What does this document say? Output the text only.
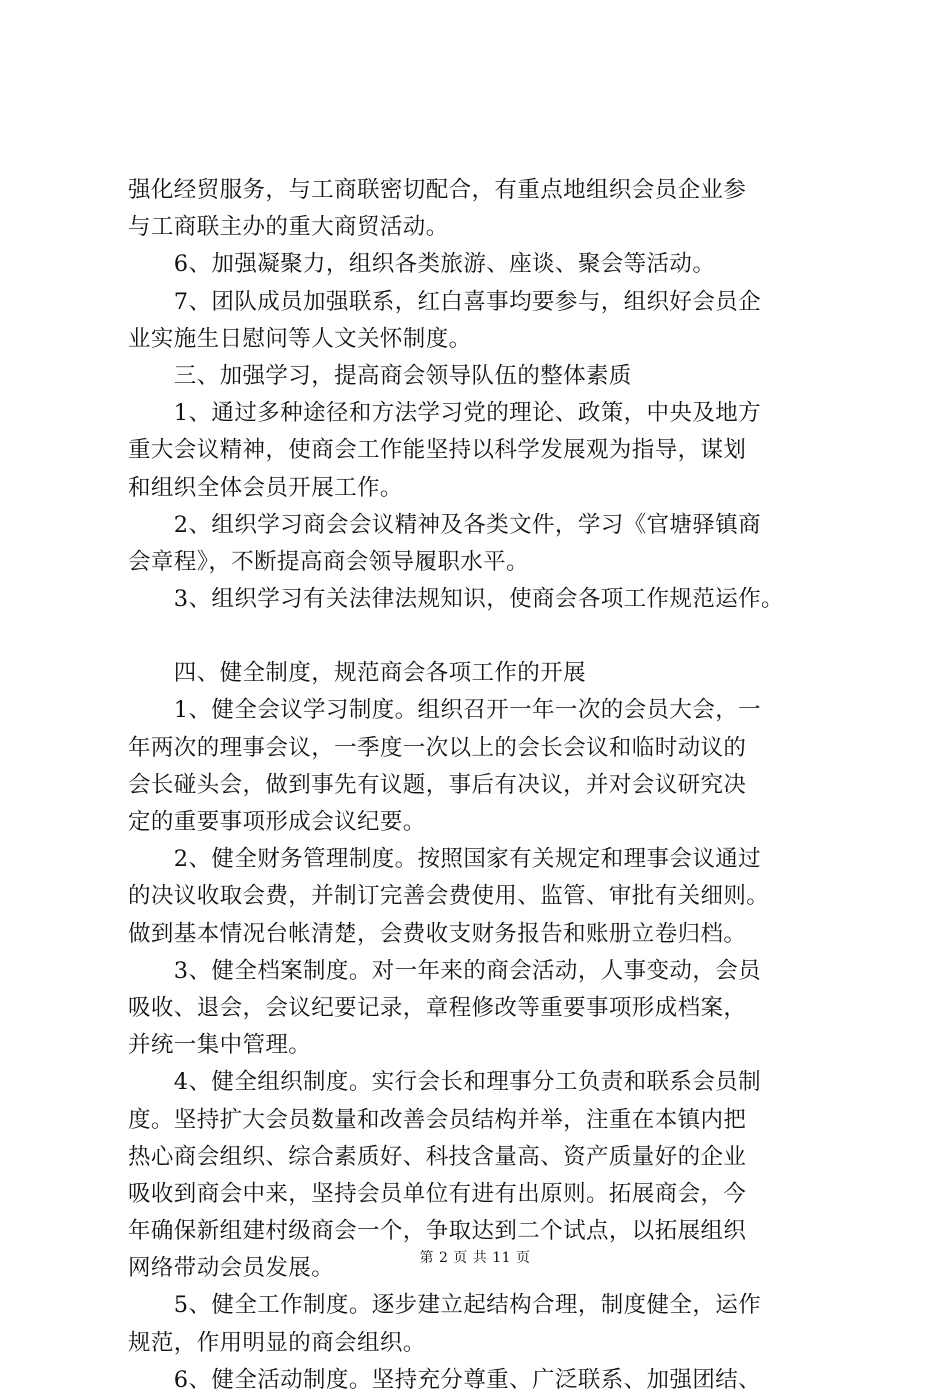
强化经贸服务，与工商联密切配合，有重点地组织会员企业参
与工商联主办的重大商贸活动。
　　6、加强凝聚力，组织各类旅游、座谈、聚会等活动。
　　7、团队成员加强联系，红白喜事均要参与，组织好会员企
业实施生日慰问等人文关怀制度。
　　三、加强学习，提高商会领导队伍的整体素质
　　1、通过多种途径和方法学习党的理论、政策，中央及地方
重大会议精神，使商会工作能坚持以科学发展观为指导，谋划
和组织全体会员开展工作。
　　2、组织学习商会会议精神及各类文件，学习《官塘驿镇商
会章程》，不断提高商会领导履职水平。
　　3、组织学习有关法律法规知识，使商会各项工作规范运作。
　　四、健全制度，规范商会各项工作的开展
　　1、健全会议学习制度。组织召开一年一次的会员大会，一
年两次的理事会议，一季度一次以上的会长会议和临时动议的
会长碰头会，做到事先有议题，事后有决议，并对会议研究决
定的重要事项形成会议纪要。
　　2、健全财务管理制度。按照国家有关规定和理事会议通过
的决议收取会费，并制订完善会费使用、监管、审批有关细则。
做到基本情况台帐清楚，会费收支财务报告和账册立卷归档。
　　3、健全档案制度。对一年来的商会活动，人事变动，会员
吸收、退会，会议纪要记录，章程修改等重要事项形成档案，
并统一集中管理。
　　4、健全组织制度。实行会长和理事分工负责和联系会员制
度。坚持扩大会员数量和改善会员结构并举，注重在本镇内把
热心商会组织、综合素质好、科技含量高、资产质量好的企业
吸收到商会中来，坚持会员单位有进有出原则。拓展商会，今
年确保新组建村级商会一个，争取达到二个试点，以拓展组织
网络带动会员发展。
　　5、健全工作制度。逐步建立起结构合理，制度健全，运作
规范，作用明显的商会组织。
　　6、健全活动制度。坚持充分尊重、广泛联系、加强团结、
第 2 页 共 11 页
